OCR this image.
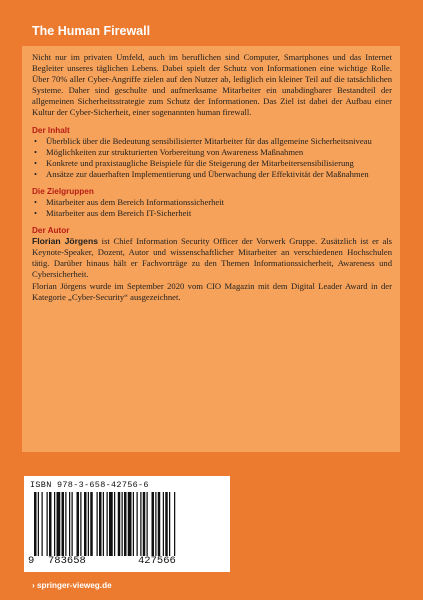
The Human Firewall

Nicht nur im privaten Umfeld, auch im beruflichen sind Computer, Smartphones und das Internet Begleiter unseres täglichen Lebens. Dabei spielt der Schutz von Informationen eine wichtige Rolle. Über 70% aller Cyber-Angriffe zielen auf den Nutzer ab, lediglich ein kleiner Teil auf die tatsächlichen Systeme. Daher sind geschulte und aufmerksame Mitarbeiter ein unabdingbarer Bestandteil der allgemeinen Sicherheitsstrategie zum Schutz der Informationen. Das Ziel ist dabei der Aufbau einer Kultur der Cyber-Sicherheit, einer sogenannten human firewall.

Der Inhalt
• Überblick über die Bedeutung sensibilisierter Mitarbeiter für das allgemeine Sicherheitsniveau
• Möglichkeiten zur strukturierten Vorbereitung von Awareness Maßnahmen
• Konkrete und praxistaugliche Beispiele für die Steigerung der Mitarbeitersensibilisierung
• Ansätze zur dauerhaften Implementierung und Überwachung der Effektivität der Maßnahmen
Die Zielgruppen
• Mitarbeiter aus dem Bereich Informationssicherheit
• Mitarbeiter aus dem Bereich IT-Sicherheit
Der Autor

Florian Jörgens ist Chief Information Security Officer der Vorwerk Gruppe. Zusätzlich ist er als Keynote-Speaker, Dozent, Autor und wissenschaftlicher Mitarbeiter an verschiedenen Hochschulen tätig. Darüber hinaus hält er Fachvorträge zu den Themen Informationssicherheit, Awareness und Cybersicherheit.

Florian Jörgens wurde im September 2020 vom CIO Magazin mit dem Digital Leader Award in der Kategorie „Cyber-Security“ ausgezeichnet.

ISBN 978-3-658-42756-6
9 783658	427566
› springer-vieweg.de
